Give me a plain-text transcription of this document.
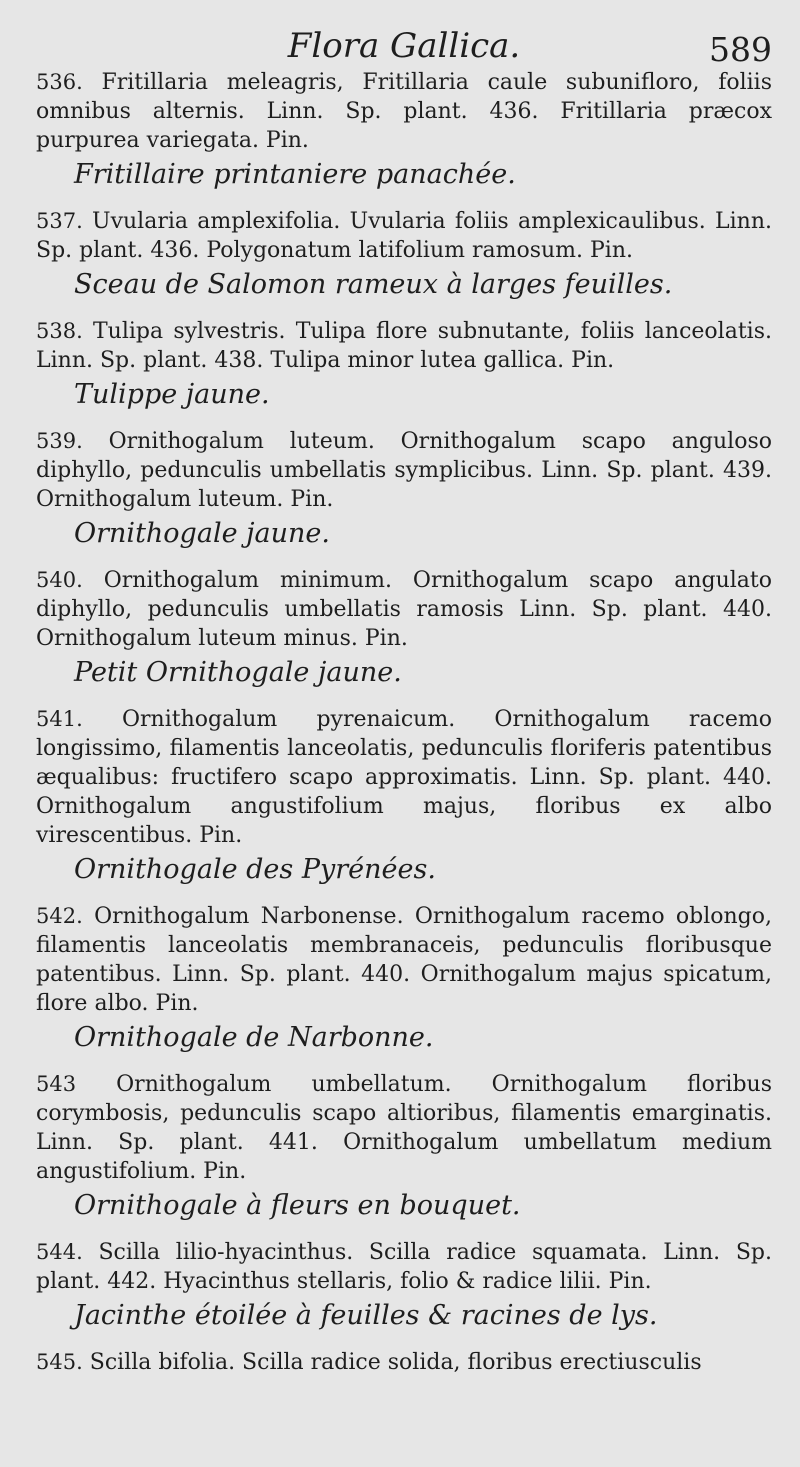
Flora Gallica.	589

536. Fritillaria meleagris, Fritillaria caule subunifloro, foliis omnibus alternis. Linn. Sp. plant. 436. Fritillaria præcox purpurea variegata. Pin.

Fritillaire printaniere panachée.

537. Uvularia amplexifolia. Uvularia foliis amplexicaulibus. Linn. Sp. plant. 436. Polygonatum latifolium ramosum. Pin.

Sceau de Salomon rameux à larges feuilles.

538. Tulipa sylvestris. Tulipa flore subnutante, foliis lanceolatis. Linn. Sp. plant. 438. Tulipa minor lutea gallica. Pin.

Tulippe jaune.

539. Ornithogalum luteum. Ornithogalum scapo anguloso diphyllo, pedunculis umbellatis symplicibus. Linn. Sp. plant. 439. Ornithogalum luteum. Pin.

Ornithogale jaune.

540. Ornithogalum minimum. Ornithogalum scapo angulato diphyllo, pedunculis umbellatis ramosis Linn. Sp. plant. 440. Ornithogalum luteum minus. Pin.

Petit Ornithogale jaune.

541. Ornithogalum pyrenaicum. Ornithogalum racemo longissimo, filamentis lanceolatis, pedunculis floriferis patentibus æqualibus: fructifero scapo approximatis. Linn. Sp. plant. 440. Ornithogalum angustifolium majus, floribus ex albo virescentibus. Pin.

Ornithogale des Pyrénées.

542. Ornithogalum Narbonense. Ornithogalum racemo oblongo, filamentis lanceolatis membranaceis, pedunculis floribusque patentibus. Linn. Sp. plant. 440. Ornithogalum majus spicatum, flore albo. Pin.

Ornithogale de Narbonne.

543 Ornithogalum umbellatum. Ornithogalum floribus corymbosis, pedunculis scapo altioribus, filamentis emarginatis. Linn. Sp. plant. 441. Ornithogalum umbellatum medium angustifolium. Pin.

Ornithogale à fleurs en bouquet.

544. Scilla lilio-hyacinthus. Scilla radice squamata. Linn. Sp. plant. 442. Hyacinthus stellaris, folio & radice lilii. Pin.

Jacinthe étoilée à feuilles & racines de lys.

545. Scilla bifolia. Scilla radice solida, floribus erectiusculis
